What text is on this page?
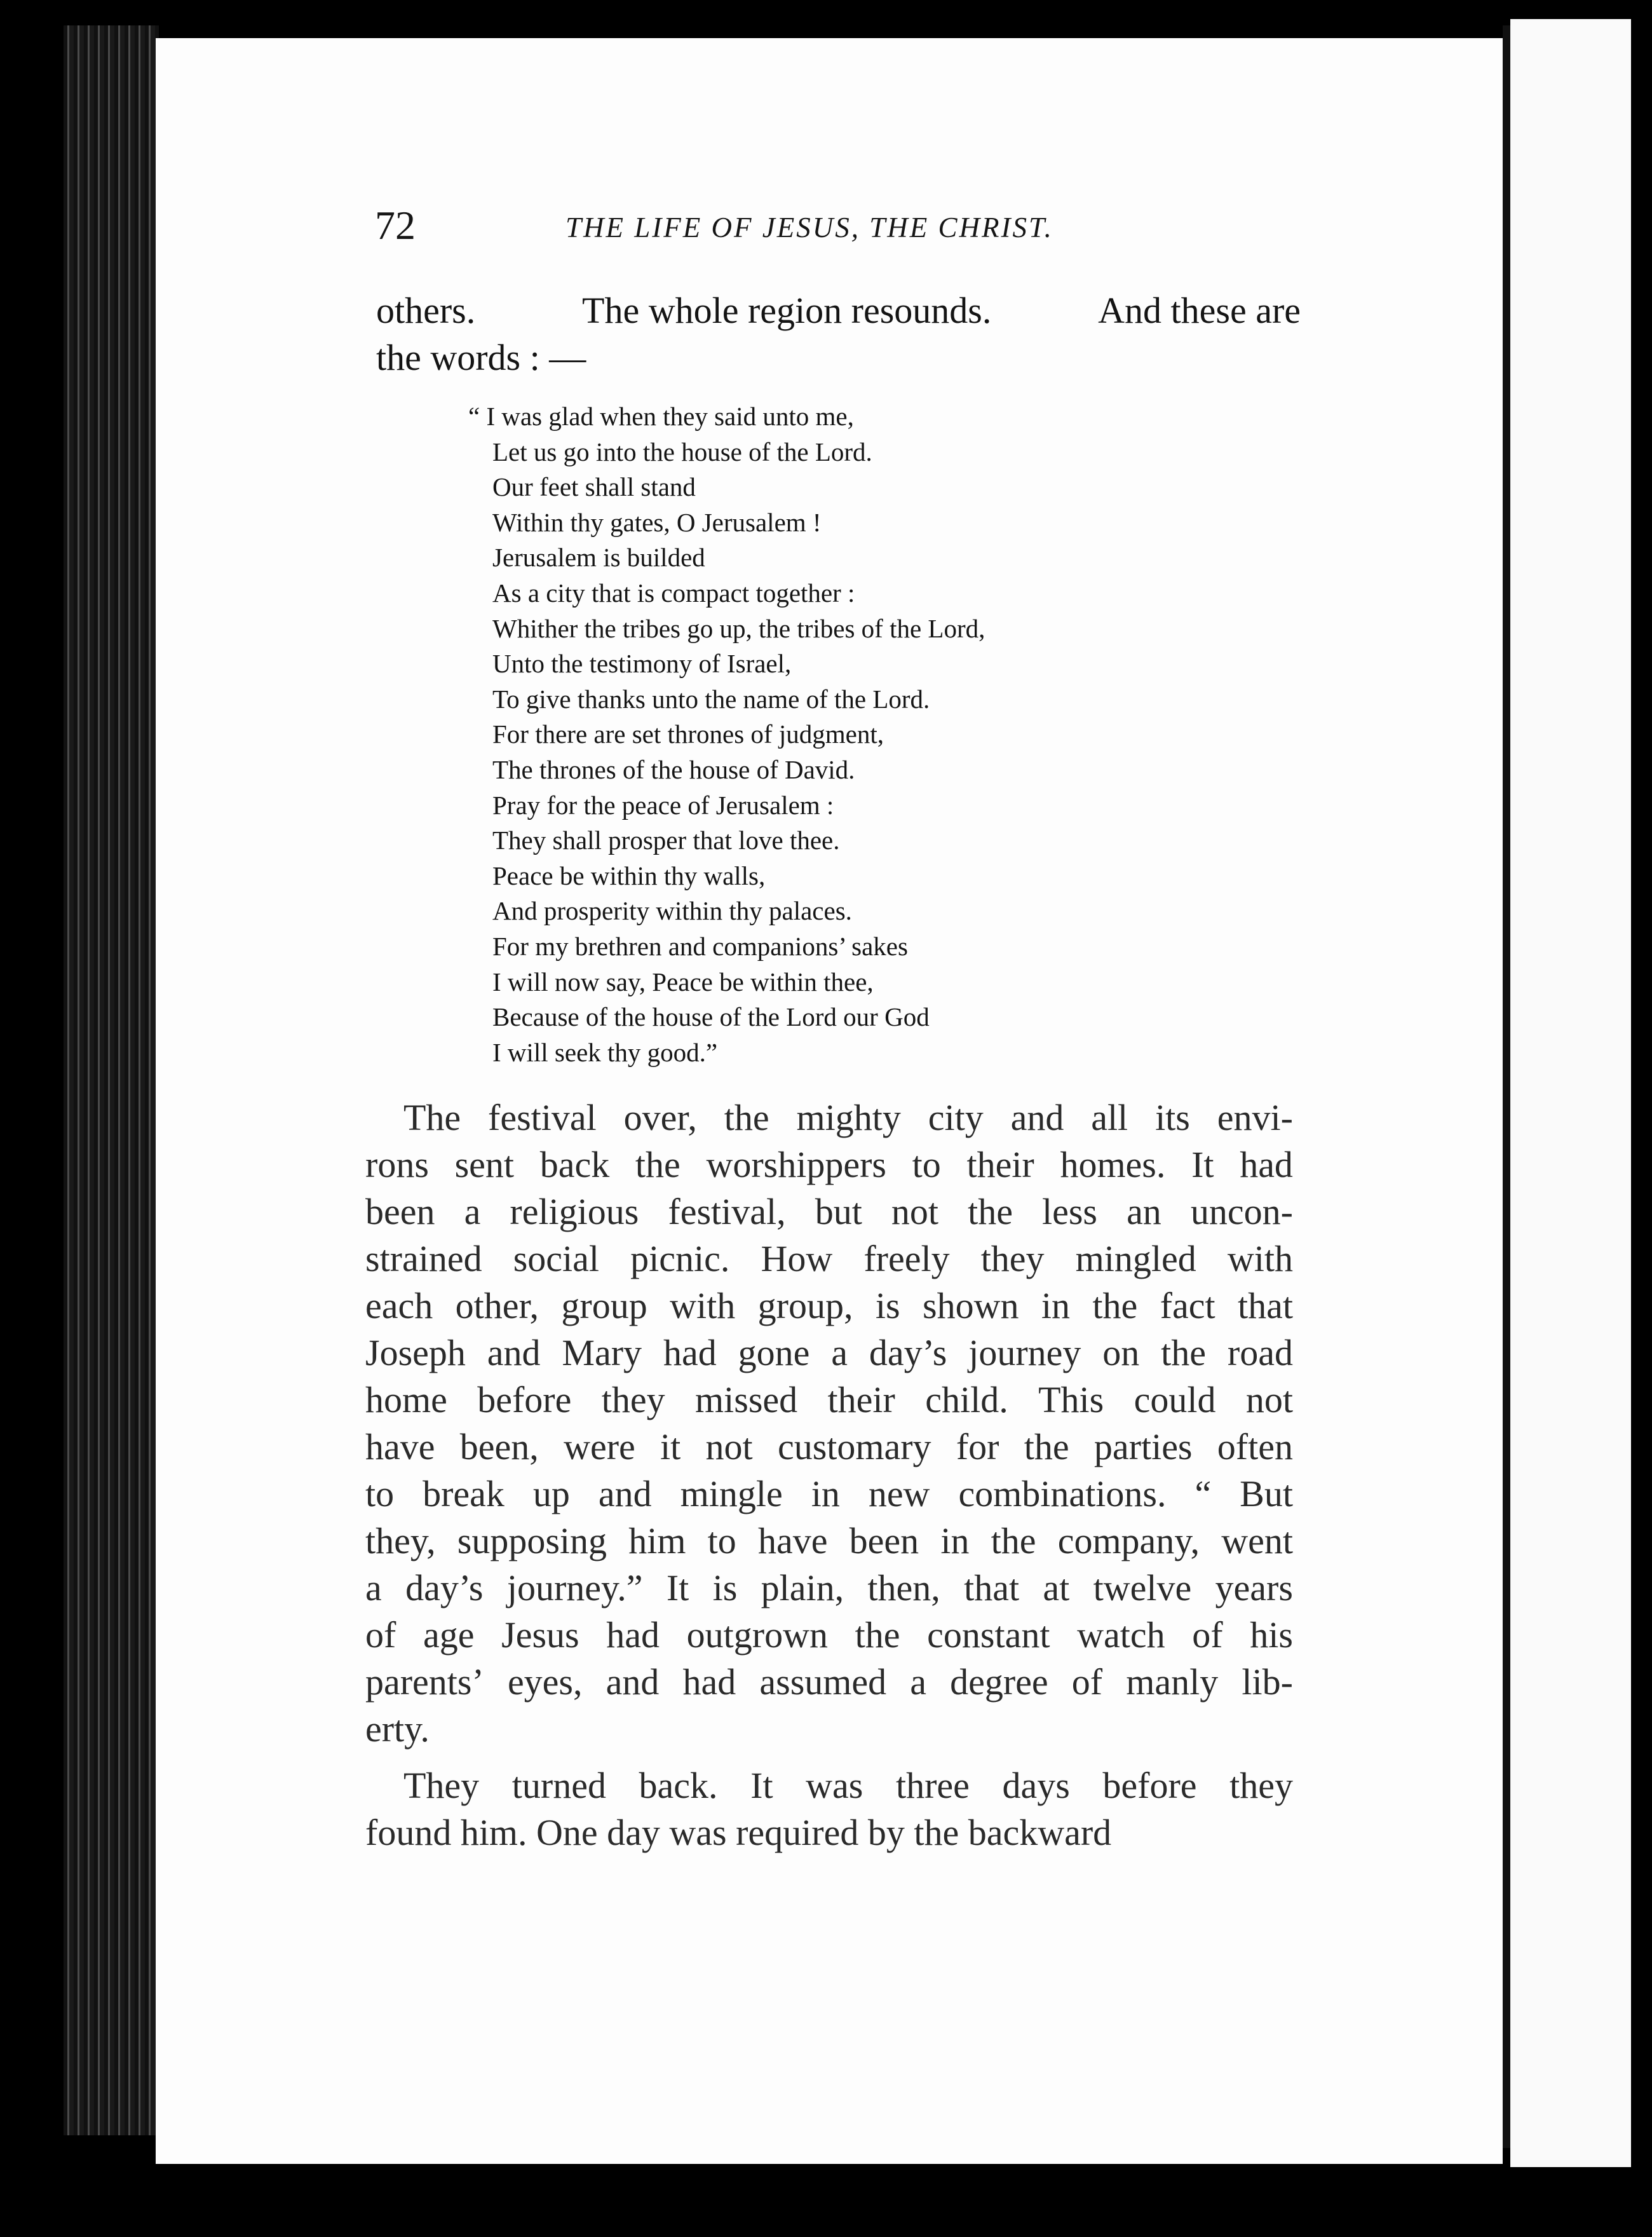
72	THE LIFE OF JESUS, THE CHRIST.
others.	The whole region resounds.	And these are
the words : —
“ I was glad when they said unto me,
Let us go into the house of the Lord.
Our feet shall stand
Within thy gates, O Jerusalem !
Jerusalem is builded
As a city that is compact together :
Whither the tribes go up, the tribes of the Lord,
Unto the testimony of Israel,
To give thanks unto the name of the Lord.
For there are set thrones of judgment,
The thrones of the house of David.
Pray for the peace of Jerusalem :
They shall prosper that love thee.
Peace be within thy walls,
And prosperity within thy palaces.
For my brethren and companions’ sakes
I will now say, Peace be within thee,
Because of the house of the Lord our God
I will seek thy good.”
The festival over, the mighty city and all its envi-
rons sent back the worshippers to their homes. It had
been a religious festival, but not the less an uncon-
strained social picnic. How freely they mingled with
each other, group with group, is shown in the fact that
Joseph and Mary had gone a day’s journey on the road
home before they missed their child. This could not
have been, were it not customary for the parties often
to break up and mingle in new combinations. “ But
they, supposing him to have been in the company, went
a day’s journey.” It is plain, then, that at twelve years
of age Jesus had outgrown the constant watch of his
parents’ eyes, and had assumed a degree of manly lib-
erty.
They turned back. It was three days before they
found him. One day was required by the backward
